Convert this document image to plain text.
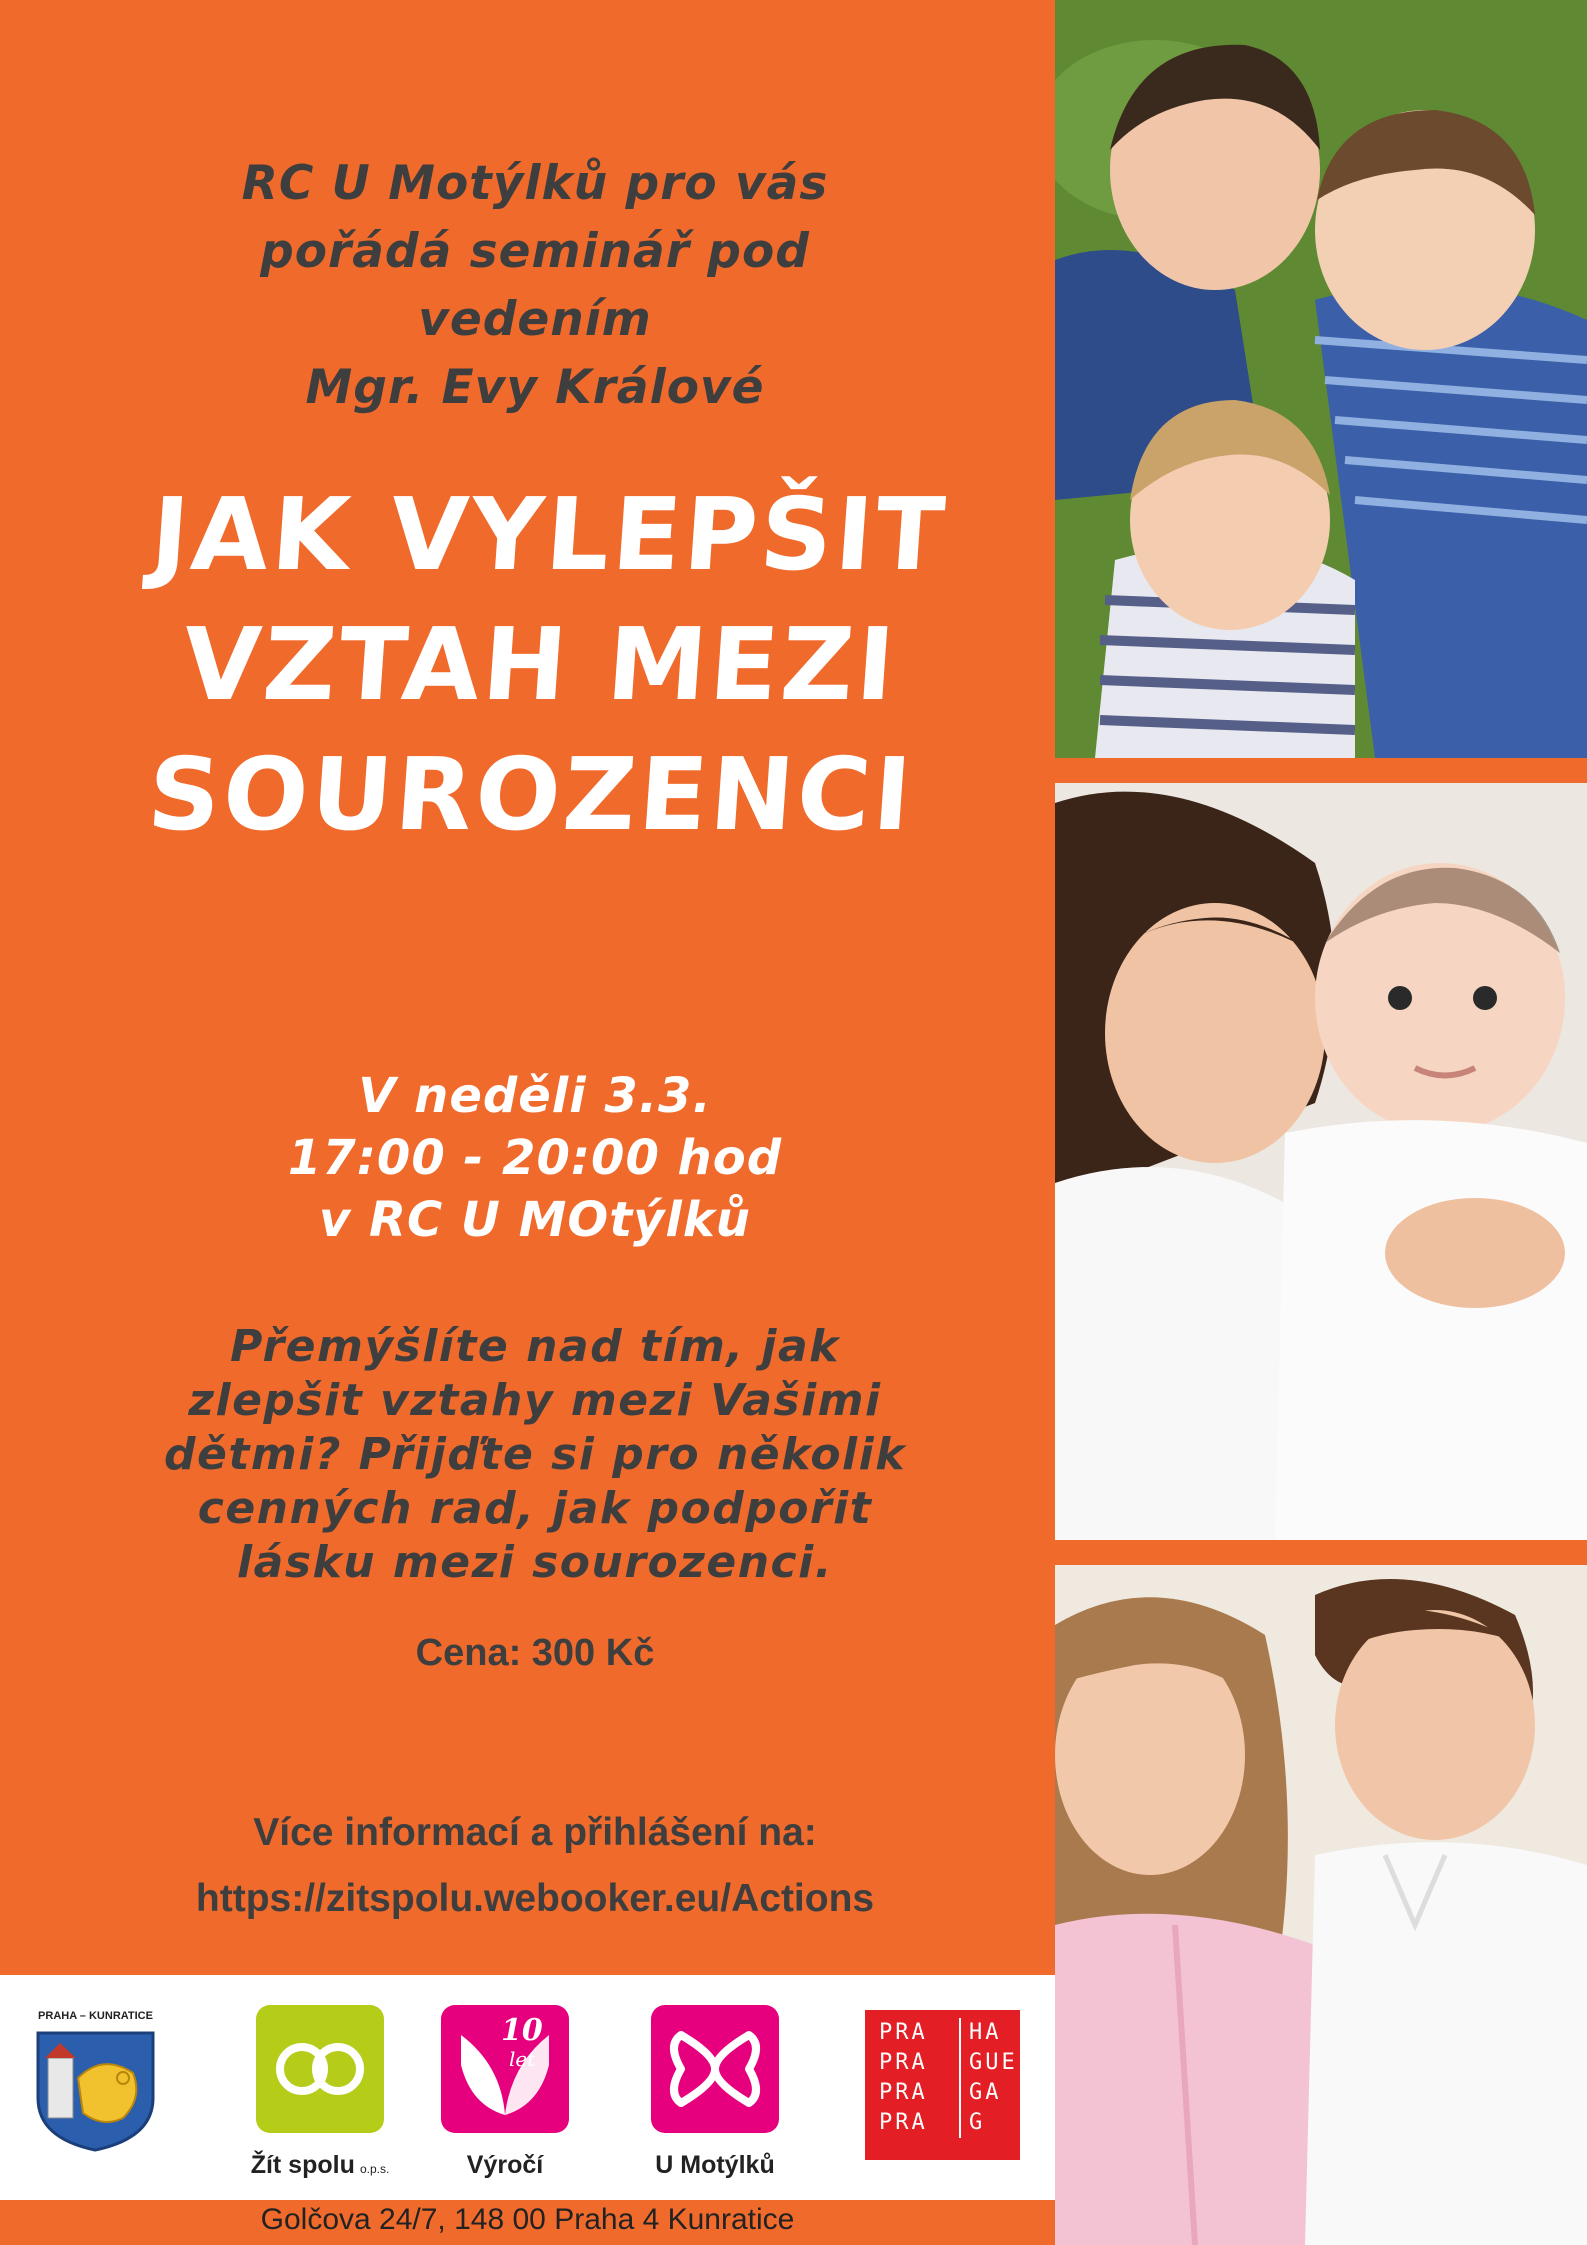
RC U Motýlků pro vás
pořádá seminář pod
vedením
Mgr. Evy Králové
JAK VYLEPŠIT
VZTAH MEZI
SOUROZENCI
V neděli 3.3.
17:00 - 20:00 hod
v RC U MOtýlků
Přemýšlíte nad tím, jak
zlepšit vztahy mezi Vašimi
dětmi? Přijďte si pro několik
cenných rad, jak podpořit
lásku mezi sourozenci.
Cena: 300 Kč
Více informací a přihlášení na:
https://zitspolu.webooker.eu/Actions
PRAHA – KUNRATICE
Žít spolu o.p.s.
10
let
Výročí	U Motýlků
PRA	HA
PRA	GUE
PRA	GA
PRA	G
Golčova 24/7, 148 00 Praha 4 Kunratice
